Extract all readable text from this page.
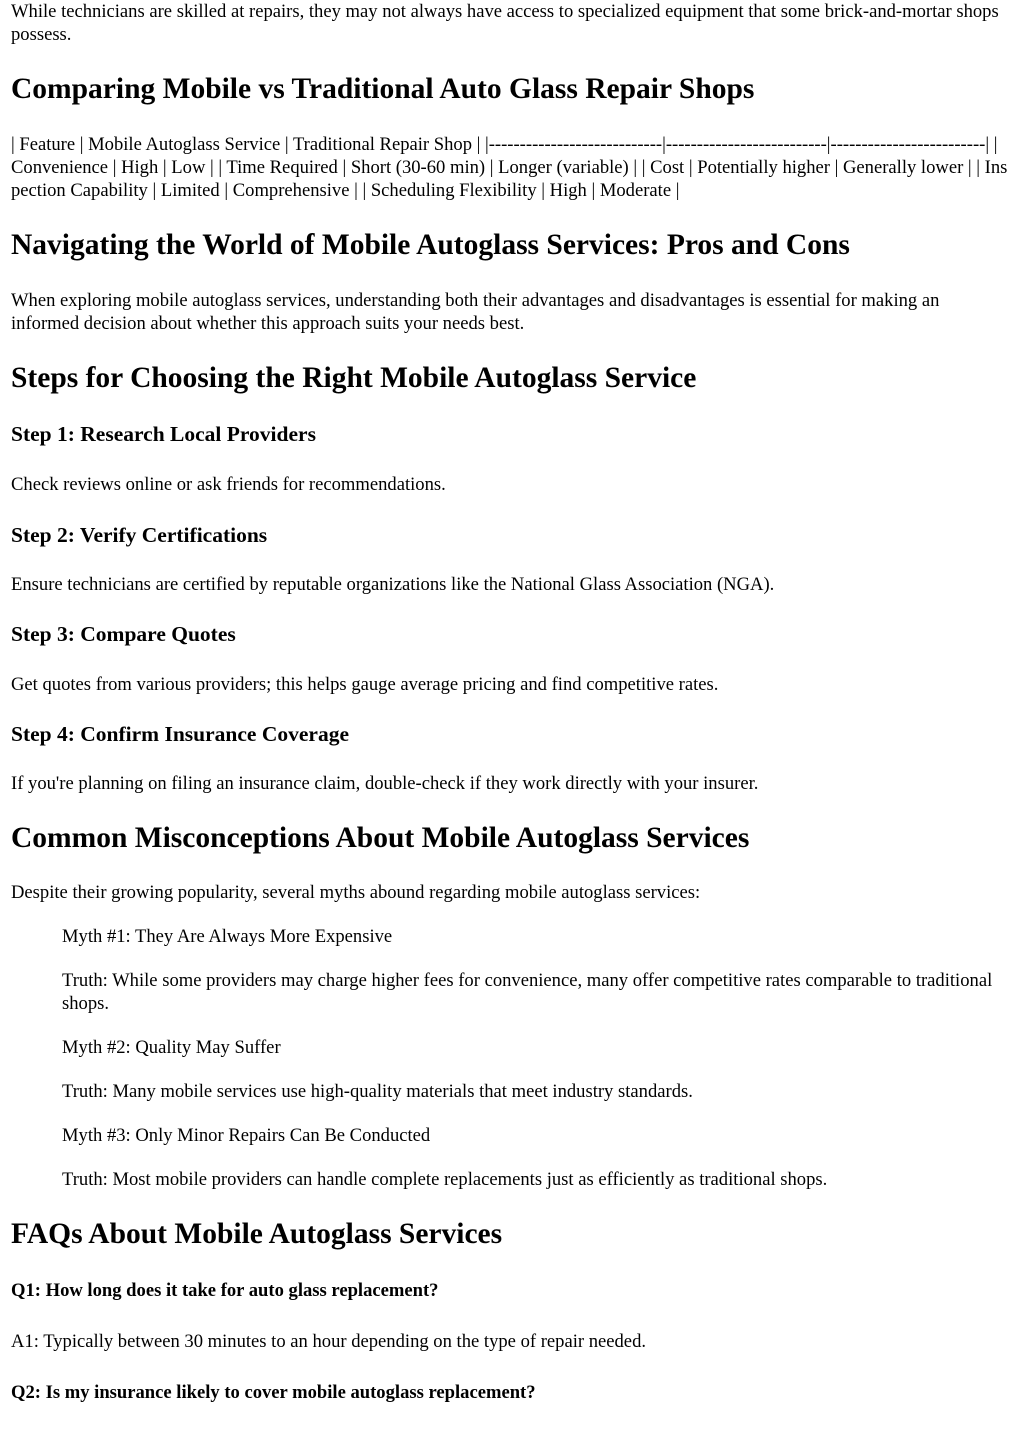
While technicians are skilled at repairs, they may not always have access to specialized equipment that some brick-and-mortar shops possess.

Comparing Mobile vs Traditional Auto Glass Repair Shops

| Feature | Mobile Autoglass Service | Traditional Repair Shop | |----------------------------|--------------------------|-------------------------| | Convenience | High | Low | | Time Required | Short (30-60 min) | Longer (variable) | | Cost | Potentially higher | Generally lower | | Inspection Capability | Limited | Comprehensive | | Scheduling Flexibility | High | Moderate |

Navigating the World of Mobile Autoglass Services: Pros and Cons

When exploring mobile autoglass services, understanding both their advantages and disadvantages is essential for making an informed decision about whether this approach suits your needs best.

Steps for Choosing the Right Mobile Autoglass Service
Step 1: Research Local Providers

Check reviews online or ask friends for recommendations.

Step 2: Verify Certifications

Ensure technicians are certified by reputable organizations like the National Glass Association (NGA).

Step 3: Compare Quotes

Get quotes from various providers; this helps gauge average pricing and find competitive rates.

Step 4: Confirm Insurance Coverage

If you're planning on filing an insurance claim, double-check if they work directly with your insurer.

Common Misconceptions About Mobile Autoglass Services

Despite their growing popularity, several myths abound regarding mobile autoglass services:

Myth #1: They Are Always More Expensive

Truth: While some providers may charge higher fees for convenience, many offer competitive rates comparable to traditional shops.

Myth #2: Quality May Suffer

Truth: Many mobile services use high-quality materials that meet industry standards.

Myth #3: Only Minor Repairs Can Be Conducted

Truth: Most mobile providers can handle complete replacements just as efficiently as traditional shops.

FAQs About Mobile Autoglass Services
Q1: How long does it take for auto glass replacement?

A1: Typically between 30 minutes to an hour depending on the type of repair needed.

Q2: Is my insurance likely to cover mobile autoglass replacement?
